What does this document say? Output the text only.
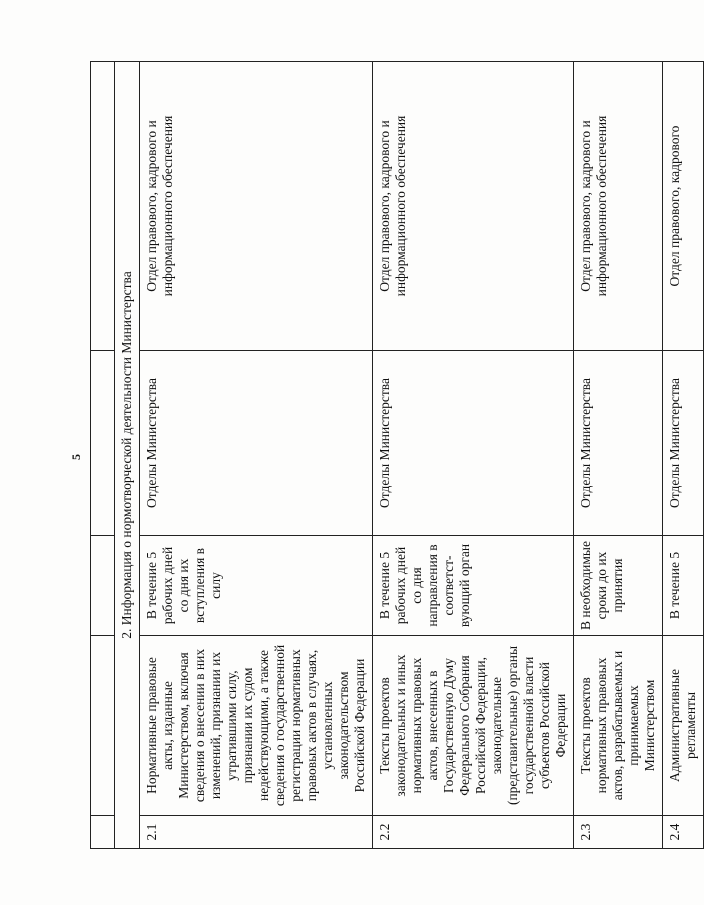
5
					2. Информация о нормотворческой деятельности Министерства				
2.1	Нормативные правовые акты, изданные Министерством, включая сведения о внесении в них изменений, признании их утратившими силу, признании их судом недействующими, а также сведения о государственной регистрации нормативных правовых актов в случаях, установленных законодательством Российской Федерации	В течение 5 рабочих дней со дня их вступления в силу	Отделы Министерства	Отдел правового, кадрового и информационного обеспечения
2.2	Тексты проектов законодательных и иных нормативных правовых актов, внесенных в Государственную Думу Федерального Собрания Российской Федерации, законодательные (представительные) органы государственной власти субъектов Российской Федерации	В течение 5 рабочих дней со дня направления в соответст-вующий орган	Отделы Министерства	Отдел правового, кадрового и информационного обеспечения
2.3	Тексты проектов нормативных правовых актов, разрабатываемых и принимаемых Министерством	В необходимые сроки до их принятия	Отделы Министерства	Отдел правового, кадрового и информационного обеспечения
2.4	Административные регламенты	В течение 5	Отделы Министерства	Отдел правового, кадрового
